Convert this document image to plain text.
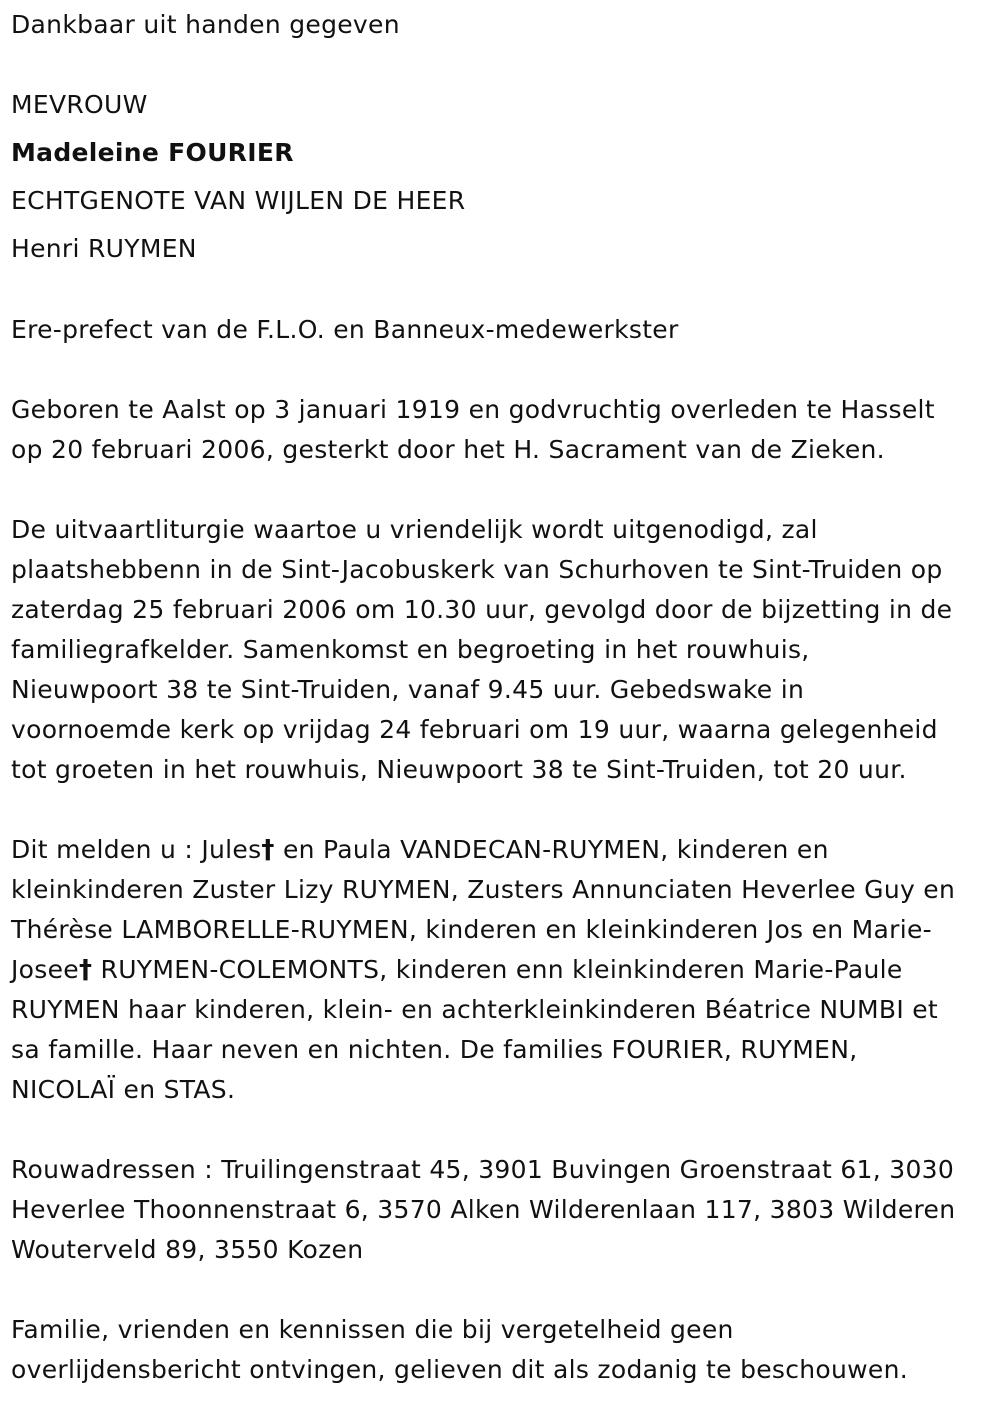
Dankbaar uit handen gegeven
MEVROUW
Madeleine FOURIER
ECHTGENOTE VAN WIJLEN DE HEER
Henri RUYMEN
Ere-prefect van de F.L.O. en Banneux-medewerkster
Geboren te Aalst op 3 januari 1919 en godvruchtig overleden te Hasselt
op 20 februari 2006, gesterkt door het H. Sacrament van de Zieken.
De uitvaartliturgie waartoe u vriendelijk wordt uitgenodigd, zal
plaatshebbenn in de Sint-Jacobuskerk van Schurhoven te Sint-Truiden op
zaterdag 25 februari 2006 om 10.30 uur, gevolgd door de bijzetting in de
familiegrafkelder. Samenkomst en begroeting in het rouwhuis,
Nieuwpoort 38 te Sint-Truiden, vanaf 9.45 uur. Gebedswake in
voornoemde kerk op vrijdag 24 februari om 19 uur, waarna gelegenheid
tot groeten in het rouwhuis, Nieuwpoort 38 te Sint-Truiden, tot 20 uur.
Dit melden u : Jules† en Paula VANDECAN-RUYMEN, kinderen en
kleinkinderen Zuster Lizy RUYMEN, Zusters Annunciaten Heverlee Guy en
Thérèse LAMBORELLE-RUYMEN, kinderen en kleinkinderen Jos en Marie-
Josee† RUYMEN-COLEMONTS, kinderen enn kleinkinderen Marie-Paule
RUYMEN haar kinderen, klein- en achterkleinkinderen Béatrice NUMBI et
sa famille. Haar neven en nichten. De families FOURIER, RUYMEN,
NICOLAÏ en STAS.
Rouwadressen : Truilingenstraat 45, 3901 Buvingen Groenstraat 61, 3030
Heverlee Thoonnenstraat 6, 3570 Alken Wilderenlaan 117, 3803 Wilderen
Wouterveld 89, 3550 Kozen
Familie, vrienden en kennissen die bij vergetelheid geen
overlijdensbericht ontvingen, gelieven dit als zodanig te beschouwen.
